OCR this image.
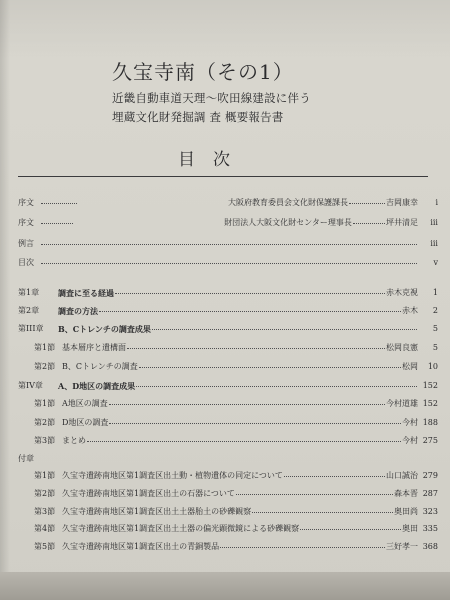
久宝寺南（その1）
近畿自動車道天理～吹田線建設に伴う
埋蔵文化財発掘調 査 概要報告書
目次
序文	大阪府教育委員会文化財保護課長	吉岡康幸	i
序文	財団法人大阪文化財センター理事長	坪井清足	iii
例言	iii
目次	v
第1章	調査に至る経過	赤木克視	1
第2章	調査の方法	赤木	2
第III章	B、Cトレンチの調査成果	5
第1節 基本層序と遺構面	松岡良憲	5
第2節 B、Cトレンチの調査	松岡	10
第IV章	A、D地区の調査成果	152
第1節 A地区の調査	今村道雄 152
第2節 D地区の調査	今村 188
第3節 まとめ	今村 275
付章
第1節 久宝寺遺跡南地区第1調査区出土動・植物遺体の同定について	山口誠治 279
第2節 久宝寺遺跡南地区第1調査区出土の石器について	森本晋 287
第3節 久宝寺遺跡南地区第1調査区出土土器胎土の砂礫観察	奥田尚 323
第4節 久宝寺遺跡南地区第1調査区出土土器の偏光顕微鏡による砂礫観察	奥田 335
第5節 久宝寺遺跡南地区第1調査区出土の青銅製品	三好孝一 368
